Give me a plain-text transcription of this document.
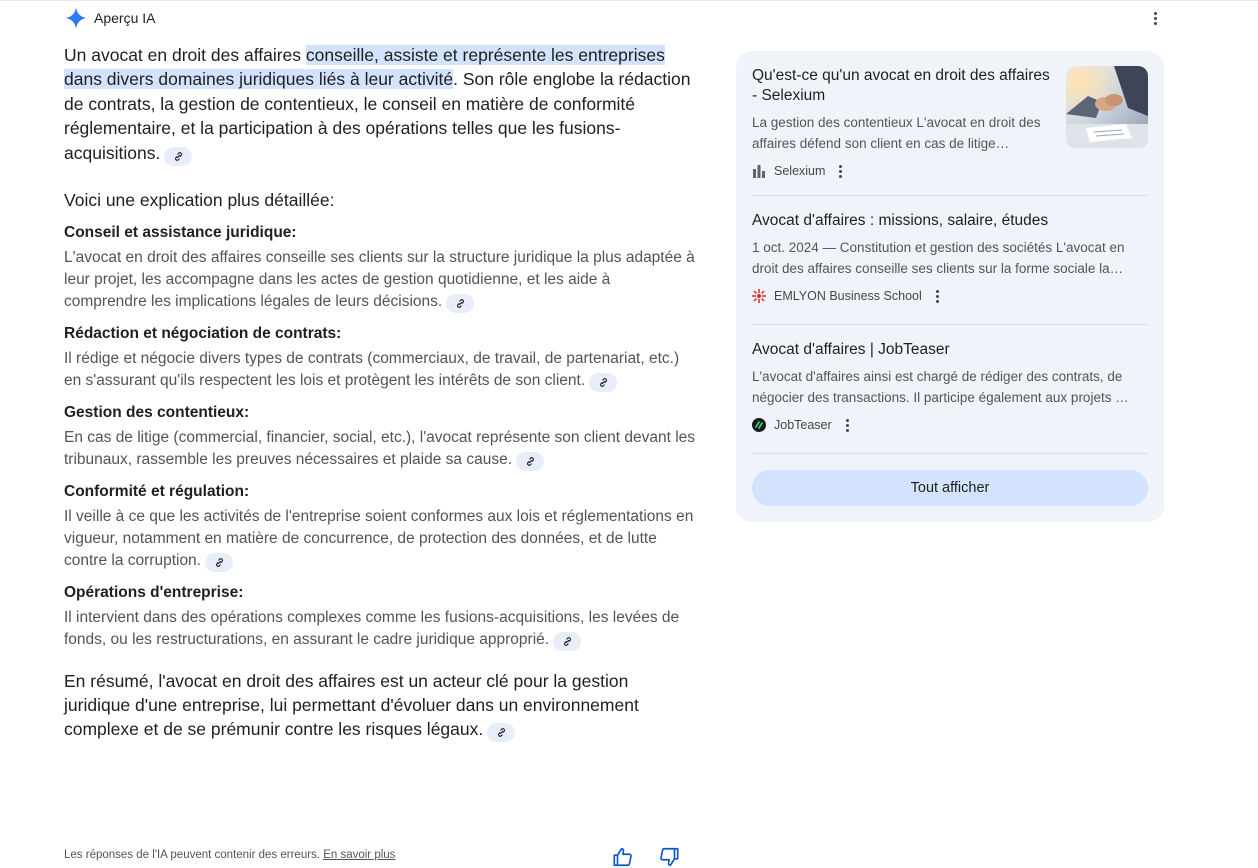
Aperçu IA

Un avocat en droit des affaires conseille, assiste et représente les entreprises dans divers domaines juridiques liés à leur activité. Son rôle englobe la rédaction de contrats, la gestion de contentieux, le conseil en matière de conformité réglementaire, et la participation à des opérations telles que les fusions-acquisitions.

Voici une explication plus détaillée:

Conseil et assistance juridique:

L'avocat en droit des affaires conseille ses clients sur la structure juridique la plus adaptée à leur projet, les accompagne dans les actes de gestion quotidienne, et les aide à comprendre les implications légales de leurs décisions.

Rédaction et négociation de contrats:

Il rédige et négocie divers types de contrats (commerciaux, de travail, de partenariat, etc.) en s'assurant qu'ils respectent les lois et protègent les intérêts de son client.

Gestion des contentieux:

En cas de litige (commercial, financier, social, etc.), l'avocat représente son client devant les tribunaux, rassemble les preuves nécessaires et plaide sa cause.

Conformité et régulation:

Il veille à ce que les activités de l'entreprise soient conformes aux lois et réglementations en vigueur, notamment en matière de concurrence, de protection des données, et de lutte contre la corruption.

Opérations d'entreprise:

Il intervient dans des opérations complexes comme les fusions-acquisitions, les levées de fonds, ou les restructurations, en assurant le cadre juridique approprié.

En résumé, l'avocat en droit des affaires est un acteur clé pour la gestion juridique d'une entreprise, lui permettant d'évoluer dans un environnement complexe et de se prémunir contre les risques légaux.

Les réponses de l'IA peuvent contenir des erreurs. En savoir plus

Qu'est-ce qu'un avocat en droit des affaires - Selexium

La gestion des contentieux L'avocat en droit des affaires défend son client en cas de litige…

Selexium

Avocat d'affaires : missions, salaire, études

1 oct. 2024 — Constitution et gestion des sociétés L'avocat en droit des affaires conseille ses clients sur la forme sociale la…

EMLYON Business School

Avocat d'affaires | JobTeaser

L'avocat d'affaires ainsi est chargé de rédiger des contrats, de négocier des transactions. Il participe également aux projets …

JobTeaser
Tout afficher
